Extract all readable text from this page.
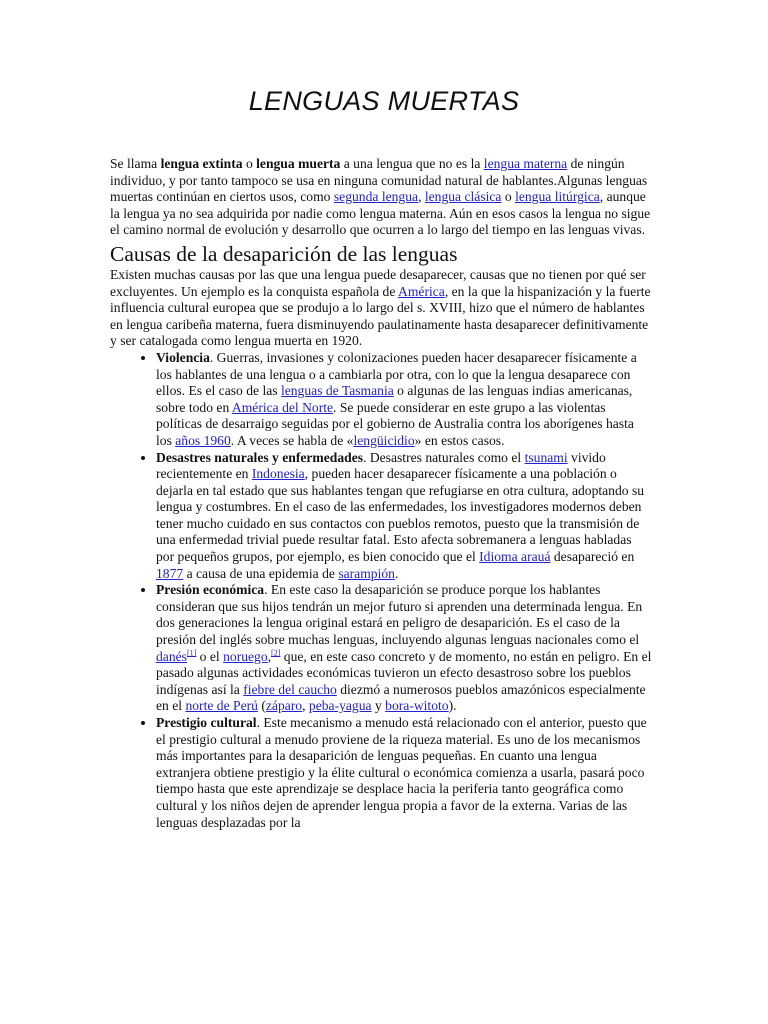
LENGUAS MUERTAS

Se llama lengua extinta o lengua muerta a una lengua que no es la lengua materna de ningún individuo, y por tanto tampoco se usa en ninguna comunidad natural de hablantes.Algunas lenguas muertas continúan en ciertos usos, como segunda lengua, lengua clásica o lengua litúrgica, aunque la lengua ya no sea adquirida por nadie como lengua materna. Aún en esos casos la lengua no sigue el camino normal de evolución y desarrollo que ocurren a lo largo del tiempo en las lenguas vivas.

Causas de la desaparición de las lenguas

Existen muchas causas por las que una lengua puede desaparecer, causas que no tienen por qué ser excluyentes. Un ejemplo es la conquista española de América, en la que la hispanización y la fuerte influencia cultural europea que se produjo a lo largo del s. XVIII, hizo que el número de hablantes en lengua caribeña materna, fuera disminuyendo paulatinamente hasta desaparecer definitivamente y ser catalogada como lengua muerta en 1920.

• Violencia. Guerras, invasiones y colonizaciones pueden hacer desaparecer físicamente a los hablantes de una lengua o a cambiarla por otra, con lo que la lengua desaparece con ellos. Es el caso de las lenguas de Tasmania o algunas de las lenguas indias americanas, sobre todo en América del Norte. Se puede considerar en este grupo a las violentas políticas de desarraigo seguidas por el gobierno de Australia contra los aborígenes hasta los años 1960. A veces se habla de «lengüicidio» en estos casos.
• Desastres naturales y enfermedades. Desastres naturales como el tsunami vivido recientemente en Indonesia, pueden hacer desaparecer físicamente a una población o dejarla en tal estado que sus hablantes tengan que refugiarse en otra cultura, adoptando su lengua y costumbres. En el caso de las enfermedades, los investigadores modernos deben tener mucho cuidado en sus contactos con pueblos remotos, puesto que la transmisión de una enfermedad trivial puede resultar fatal. Esto afecta sobremanera a lenguas habladas por pequeños grupos, por ejemplo, es bien conocido que el Idioma arauá desapareció en 1877 a causa de una epidemia de sarampión.
• Presión económica. En este caso la desaparición se produce porque los hablantes consideran que sus hijos tendrán un mejor futuro si aprenden una determinada lengua. En dos generaciones la lengua original estará en peligro de desaparición. Es el caso de la presión del inglés sobre muchas lenguas, incluyendo algunas lenguas nacionales como el danés[1] o el noruego,[2] que, en este caso concreto y de momento, no están en peligro. En el pasado algunas actividades económicas tuvieron un efecto desastroso sobre los pueblos indígenas así la fiebre del caucho diezmó a numerosos pueblos amazónicos especialmente en el norte de Perú (záparo, peba-yagua y bora-witoto).
• Prestigio cultural. Este mecanismo a menudo está relacionado con el anterior, puesto que el prestigio cultural a menudo proviene de la riqueza material. Es uno de los mecanismos más importantes para la desaparición de lenguas pequeñas. En cuanto una lengua extranjera obtiene prestigio y la élite cultural o económica comienza a usarla, pasará poco tiempo hasta que este aprendizaje se desplace hacia la periferia tanto geográfica como cultural y los niños dejen de aprender lengua propia a favor de la externa. Varias de las lenguas desplazadas por la
